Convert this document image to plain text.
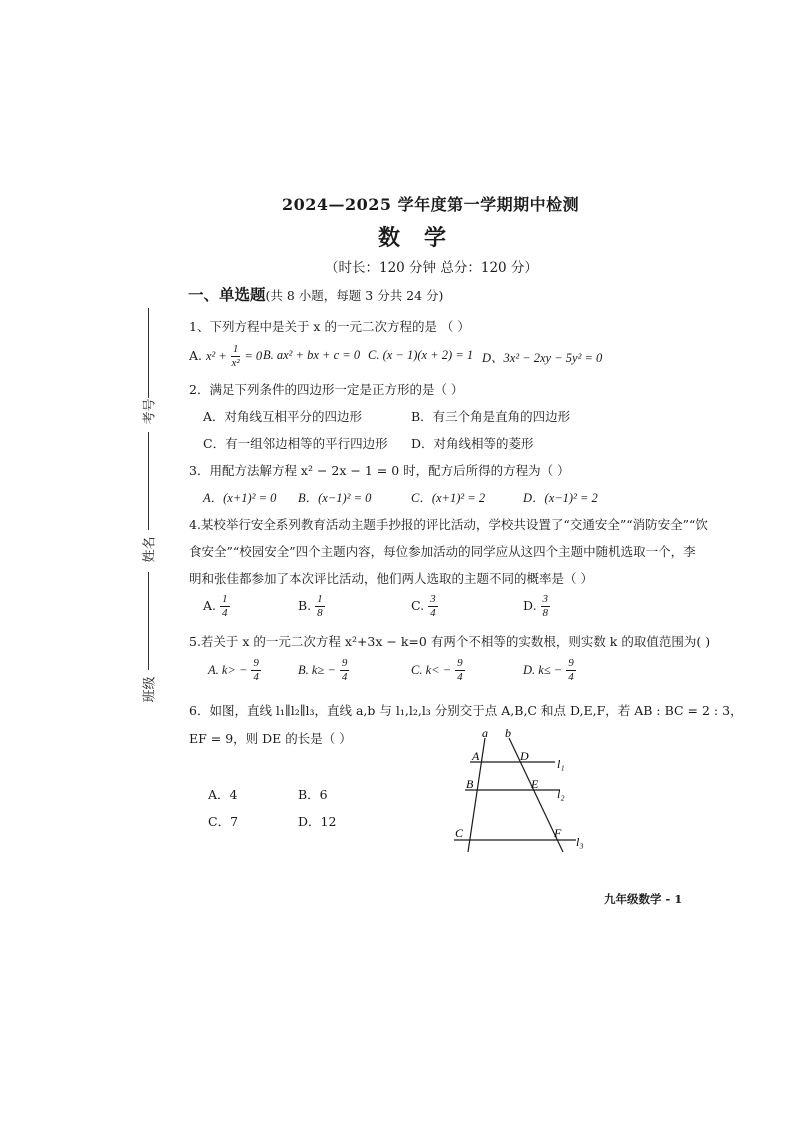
考号
姓名
班级
2024—2025 学年度第一学期期中检测
数学
（时长：120 分钟 总分：120 分）
一、单选题(共 8 小题，每题 3 分共 24 分)
1、下列方程中是关于 x 的一元二次方程的是 （ ）
A. $x^2 + \frac{1}{\text{x²}} = 0$ B. ax² + bx + c = 0 C. (x − 1)(x + 2) = 1 D、3x² − 2xy − 5y² = 0
2．满足下列条件的四边形一定是正方形的是（ ）
A．对角线互相平分的四边形	B．有三个角是直角的四边形
C．有一组邻边相等的平行四边形 D．对角线相等的菱形
3．用配方法解方程 x² − 2x − 1 = 0 时，配方后所得的方程为（ ）
A．(x+1)² = 0 B．(x−1)² = 0	C．(x+1)² = 2	D．(x−1)² = 2
4.某校举行安全系列教育活动主题手抄报的评比活动，学校共设置了“交通安全”“消防安全”“饮
食安全”“校园安全”四个主题内容，每位参加活动的同学应从这四个主题中随机选取一个，李
明和张佳都参加了本次评比活动，他们两人选取的主题不同的概率是（ ）
A. $\frac{1}{4}$	B. $\frac{1}{8}$	C. $\frac{3}{4}$	D. $\frac{3}{8}$
5.若关于 x 的一元二次方程 x²+3x − k=0 有两个不相等的实数根，则实数 k 的取值范围为( )
A. $k> - \frac{9}{4}$	B. $k\ge - \frac{9}{4}$	C. $k< - \frac{9}{4}$	D. $k\le - \frac{9}{4}$
6．如图，直线 l₁∥l₂∥l₃，直线 a,b 与 l₁,l₂,l₃ 分别交于点 A,B,C 和点 D,E,F，若 AB : BC = 2 : 3，
EF = 9，则 DE 的长是（ ）
A．4	B．6
C．7	D．12
a b
A	D
l₁
B	E
l₂
C	F
l₃
九年级数学 - 1
